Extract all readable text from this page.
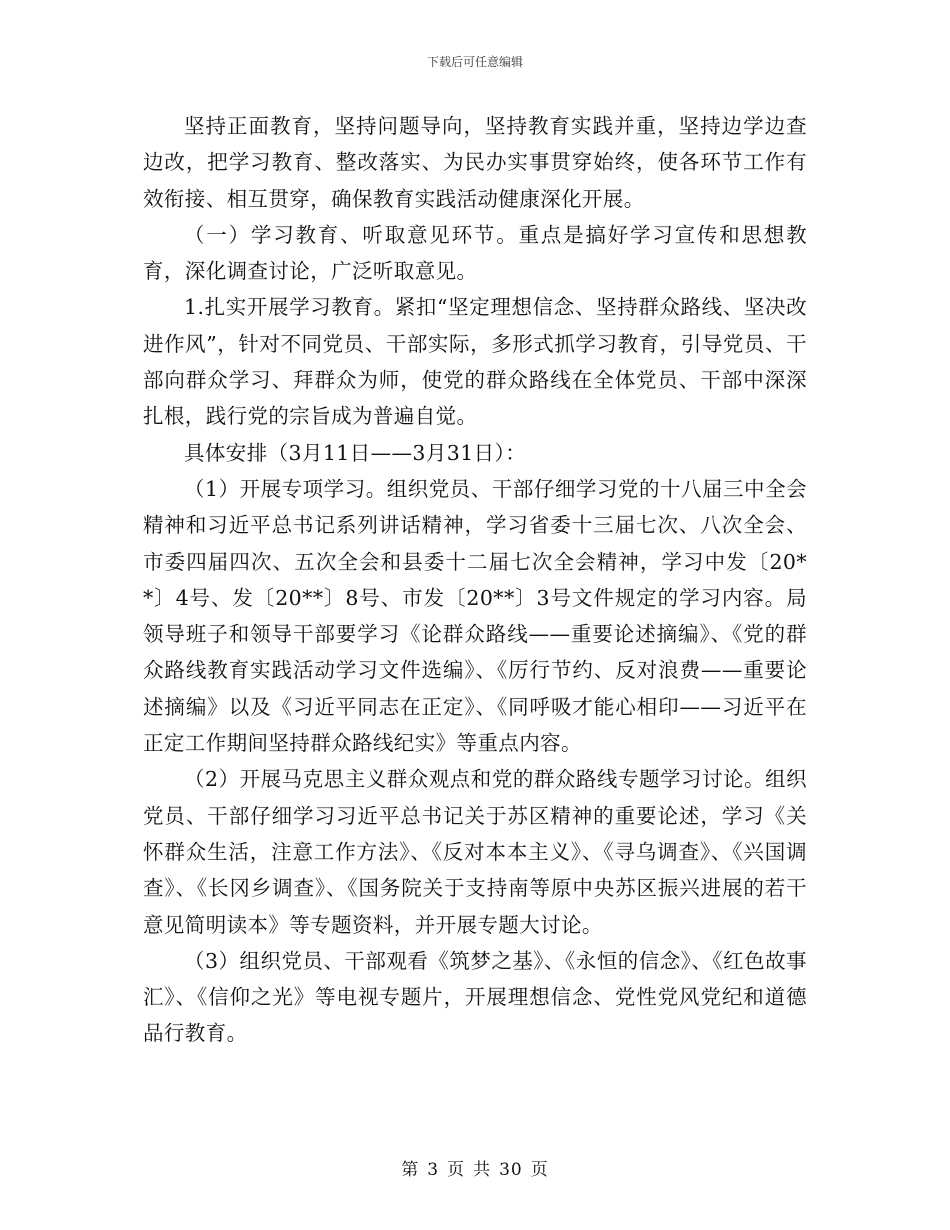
下载后可任意编辑

坚持正面教育，坚持问题导向，坚持教育实践并重，坚持边学边查边改，把学习教育、整改落实、为民办实事贯穿始终，使各环节工作有效衔接、相互贯穿，确保教育实践活动健康深化开展。

（一）学习教育、听取意见环节。重点是搞好学习宣传和思想教育，深化调查讨论，广泛听取意见。

1.扎实开展学习教育。紧扣“坚定理想信念、坚持群众路线、坚决改进作风”，针对不同党员、干部实际，多形式抓学习教育，引导党员、干部向群众学习、拜群众为师，使党的群众路线在全体党员、干部中深深扎根，践行党的宗旨成为普遍自觉。

具体安排（3月11日——3月31日）：

（1）开展专项学习。组织党员、干部仔细学习党的十八届三中全会精神和习近平总书记系列讲话精神，学习省委十三届七次、八次全会、市委四届四次、五次全会和县委十二届七次全会精神，学习中发〔20**〕4号、发〔20**〕8号、市发〔20**〕3号文件规定的学习内容。局领导班子和领导干部要学习《论群众路线——重要论述摘编》、《党的群众路线教育实践活动学习文件选编》、《厉行节约、反对浪费——重要论述摘编》以及《习近平同志在正定》、《同呼吸才能心相印——习近平在正定工作期间坚持群众路线纪实》等重点内容。

（2）开展马克思主义群众观点和党的群众路线专题学习讨论。组织党员、干部仔细学习习近平总书记关于苏区精神的重要论述，学习《关怀群众生活，注意工作方法》、《反对本本主义》、《寻乌调查》、《兴国调查》、《长冈乡调查》、《国务院关于支持南等原中央苏区振兴进展的若干意见简明读本》等专题资料，并开展专题大讨论。

（3）组织党员、干部观看《筑梦之基》、《永恒的信念》、《红色故事汇》、《信仰之光》等电视专题片，开展理想信念、党性党风党纪和道德品行教育。

第 3 页 共 30 页
